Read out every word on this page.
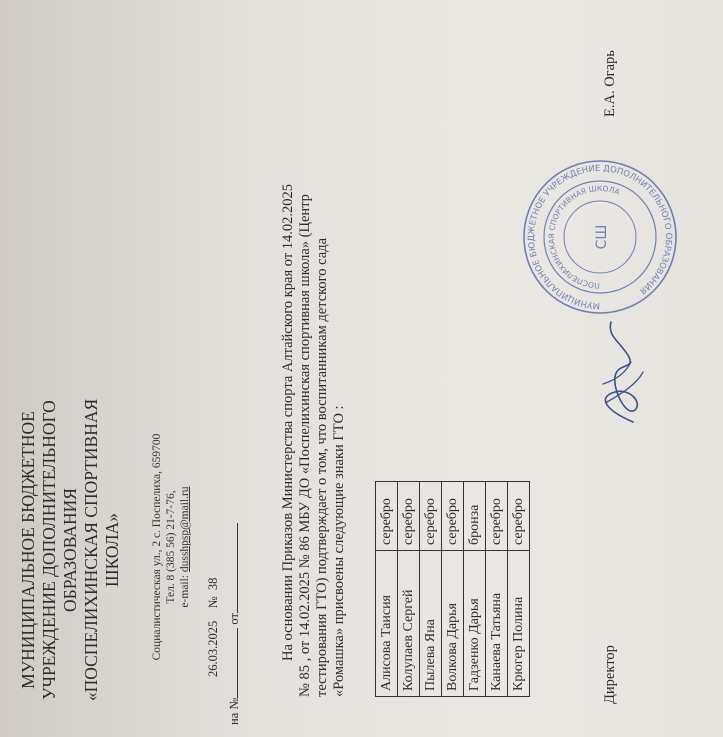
МУНИЦИПАЛЬНОЕ БЮДЖЕТНОЕ УЧРЕЖДЕНИЕ ДОПОЛНИТЕЛЬНОГО ОБРАЗОВАНИЯ «ПОСПЕЛИХИНСКАЯ СПОРТИВНАЯ ШКОЛА»	Социалистическая ул., 2 с. Поспелиха, 659700 Тел. 8 (385 56) 21-7-76, e-mail: dusshpsp@mail.ru
26.03.2025    №  38
на № от	На основании Приказов Министерства спорта Алтайского края от 14.02.2025 № 85 , от 14.02.2025 № 86 МБУ ДО «Поспелихинская спортивная школа» (Центр тестирования ГТО) подтверждает о том, что воспитанникам детского сада «Ромашка» присвоены следующие знаки ГТО : Алисова Таисия	серебро
Колупаев Сергей	серебро
Пылева Яна	серебро
Волкова Дарья	серебро
Гадзенко Дарья	бронза
Канаева Татьяна	серебро
Крюгер Полина	серебро
Директор
Е.А. Огарь
МУНИЦИПАЛЬНОЕ БЮДЖЕТНОЕ УЧРЕЖДЕНИЕ ДОПОЛНИТЕЛЬНОГО ОБРАЗОВАНИЯ
ПОСПЕЛИХИНСКАЯ СПОРТИВНАЯ ШКОЛА
СШ
